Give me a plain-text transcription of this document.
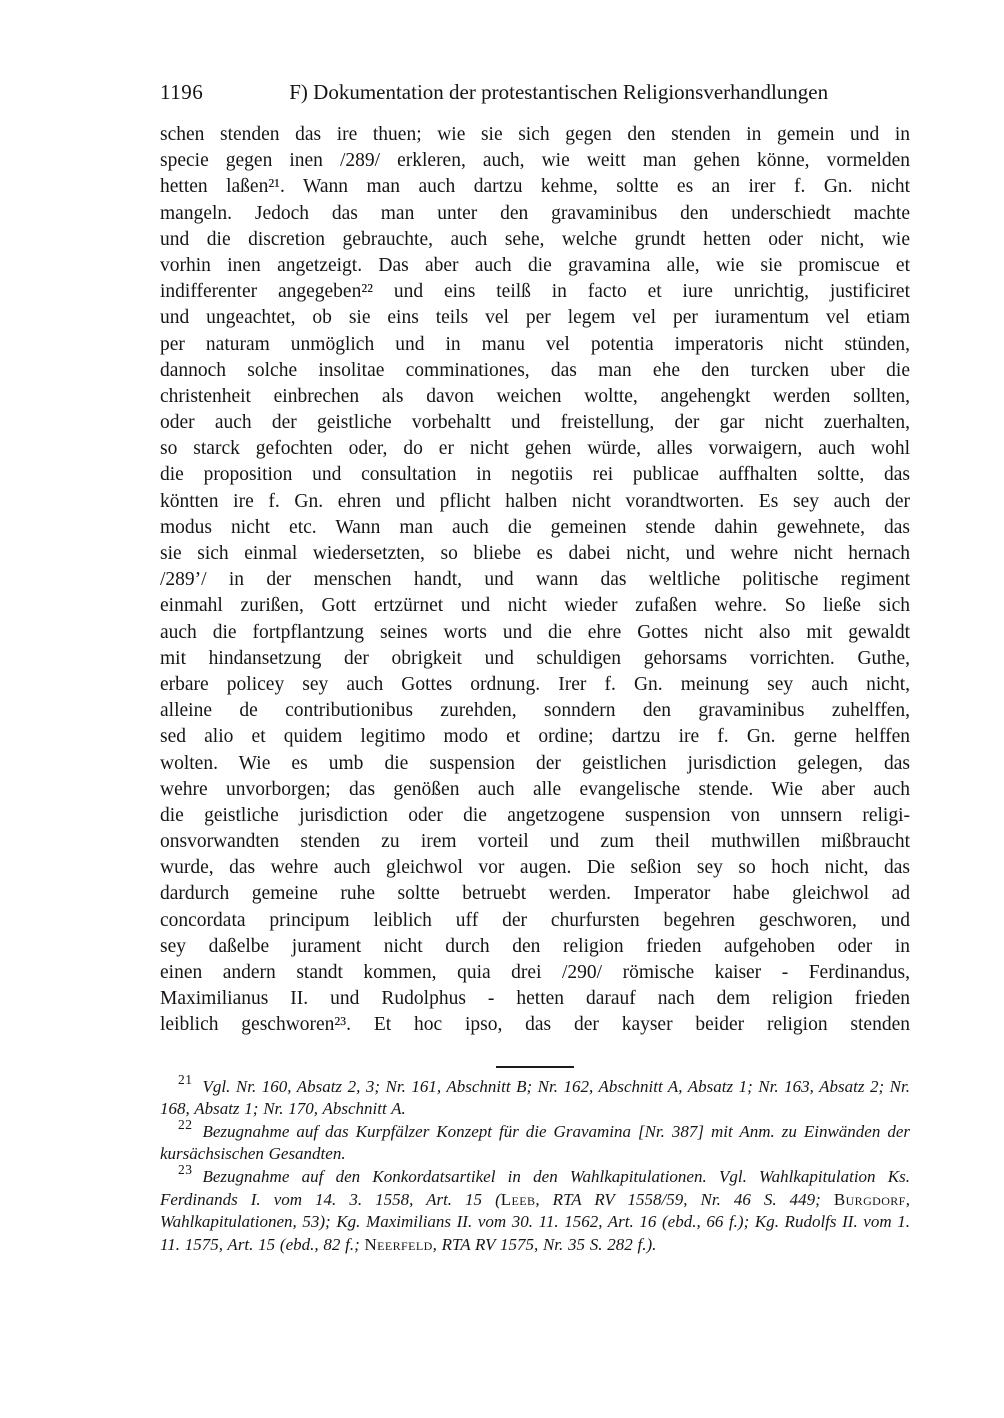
1196	F) Dokumentation der protestantischen Religionsverhandlungen
schen stenden das ire thuen; wie sie sich gegen den stenden in gemein und in
specie gegen inen /289/ erkleren, auch, wie weitt man gehen könne, vormelden
hetten laßen²¹. Wann man auch dartzu kehme, soltte es an irer f. Gn. nicht
mangeln. Jedoch das man unter den gravaminibus den underschiedt machte
und die discretion gebrauchte, auch sehe, welche grundt hetten oder nicht, wie
vorhin inen angetzeigt. Das aber auch die gravamina alle, wie sie promiscue et
indifferenter angegeben²² und eins teilß in facto et iure unrichtig, justificiret
und ungeachtet, ob sie eins teils vel per legem vel per iuramentum vel etiam
per naturam unmöglich und in manu vel potentia imperatoris nicht stünden,
dannoch solche insolitae comminationes, das man ehe den turcken uber die
christenheit einbrechen als davon weichen woltte, angehengkt werden sollten,
oder auch der geistliche vorbehaltt und freistellung, der gar nicht zuerhalten,
so starck gefochten oder, do er nicht gehen würde, alles vorwaigern, auch wohl
die proposition und consultation in negotiis rei publicae auffhalten soltte, das
köntten ire f. Gn. ehren und pflicht halben nicht vorandtworten. Es sey auch der
modus nicht etc. Wann man auch die gemeinen stende dahin gewehnete, das
sie sich einmal wiedersetzten, so bliebe es dabei nicht, und wehre nicht hernach
/289’/ in der menschen handt, und wann das weltliche politische regiment
einmahl zurißen, Gott ertzürnet und nicht wieder zufaßen wehre. So ließe sich
auch die fortpflantzung seines worts und die ehre Gottes nicht also mit gewaldt
mit hindansetzung der obrigkeit und schuldigen gehorsams vorrichten. Guthe,
erbare policey sey auch Gottes ordnung. Irer f. Gn. meinung sey auch nicht,
alleine de contributionibus zurehden, sonndern den gravaminibus zuhelffen,
sed alio et quidem legitimo modo et ordine; dartzu ire f. Gn. gerne helffen
wolten. Wie es umb die suspension der geistlichen jurisdiction gelegen, das
wehre unvorborgen; das genößen auch alle evangelische stende. Wie aber auch
die geistliche jurisdiction oder die angetzogene suspension von unnsern religi-
onsvorwandten stenden zu irem vorteil und zum theil muthwillen mißbraucht
wurde, das wehre auch gleichwol vor augen. Die seßion sey so hoch nicht, das
dardurch gemeine ruhe soltte betruebt werden. Imperator habe gleichwol ad
concordata principum leiblich uff der churfursten begehren geschworen, und
sey daßelbe jurament nicht durch den religion frieden aufgehoben oder in
einen andern standt kommen, quia drei /290/ römische kaiser - Ferdinandus,
Maximilianus II. und Rudolphus - hetten darauf nach dem religion frieden
leiblich geschworen²³. Et hoc ipso, das der kayser beider religion stenden

$^{21}$ Vgl. Nr. 160, Absatz 2, 3; Nr. 161, Abschnitt B; Nr. 162, Abschnitt A, Absatz 1; Nr. 163, Absatz 2; Nr. 168, Absatz 1; Nr. 170, Abschnitt A.

$^{22}$ Bezugnahme auf das Kurpfälzer Konzept für die Gravamina [Nr. 387] mit Anm. zu Einwänden der kursächsischen Gesandten.

$^{23}$ Bezugnahme auf den Konkordatsartikel in den Wahlkapitulationen. Vgl. Wahlkapitulation Ks. Ferdinands I. vom 14. 3. 1558, Art. 15 (Leeb, RTA RV 1558/59, Nr. 46 S. 449; Burgdorf, Wahlkapitulationen, 53); Kg. Maximilians II. vom 30. 11. 1562, Art. 16 (ebd., 66 f.); Kg. Rudolfs II. vom 1. 11. 1575, Art. 15 (ebd., 82 f.; Neerfeld, RTA RV 1575, Nr. 35 S. 282 f.).
